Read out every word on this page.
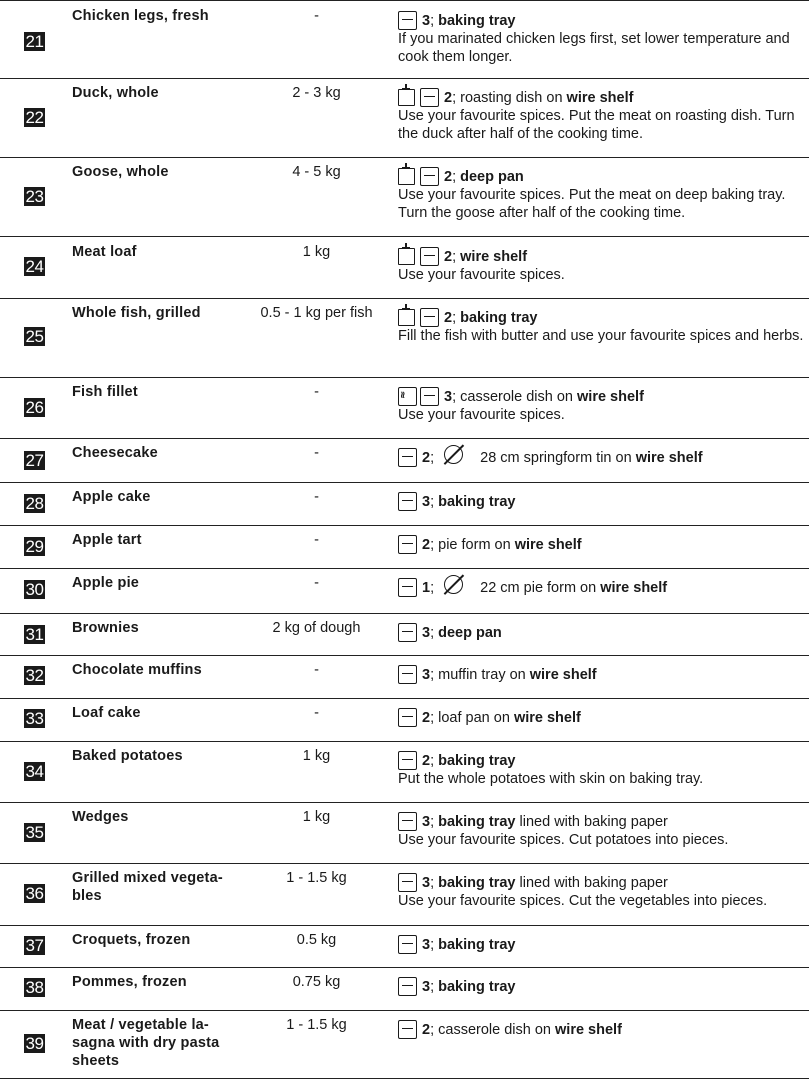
21
Chicken legs, fresh	-	3 ; baking tray
If you marinated chicken legs first, set lower temperature and cook them longer.
22
Duck, whole	2 - 3 kg	2 ; roasting dish on wire shelf
Use your favourite spices. Put the meat on roasting dish. Turn the duck after half of the cooking time.
23
Goose, whole	4 - 5 kg	2 ; deep pan
Use your favourite spices. Put the meat on deep baking tray. Turn the goose after half of the cooking time.
24
Meat loaf	1 kg	2 ; wire shelf
Use your favourite spices.
25
Whole fish, grilled	0.5 - 1 kg per fish	2 ; baking tray
Fill the fish with butter and use your favourite spices and herbs.
26
Fish fillet	-
≀≀	3 ; casserole dish on wire shelf
Use your favourite spices.
27 Cheesecake	-	2 ;	28 cm springform tin on wire shelf
28 Apple cake	-	3 ; baking tray
29 Apple tart	-	2 ; pie form on wire shelf
30 Apple pie	-	1 ;	22 cm pie form on wire shelf
31 Brownies	2 kg of dough	3 ; deep pan
32 Chocolate muffins	-	3 ; muffin tray on wire shelf
33 Loaf cake	-	2 ; loaf pan on wire shelf
34
Baked potatoes	1 kg	2 ; baking tray
Put the whole potatoes with skin on baking tray.
35
Wedges	1 kg	3 ; baking tray lined with baking paper
Use your favourite spices. Cut potatoes into pieces.
36
Grilled mixed vegeta-
bles
1 - 1.5 kg	3 ; baking tray lined with baking paper
Use your favourite spices. Cut the vegetables into pieces.
37 Croquets, frozen	0.5 kg	3 ; baking tray
38 Pommes, frozen	0.75 kg	3 ; baking tray
39
Meat / vegetable la-
sagna with dry pasta
sheets
1 - 1.5 kg	2 ; casserole dish on wire shelf
